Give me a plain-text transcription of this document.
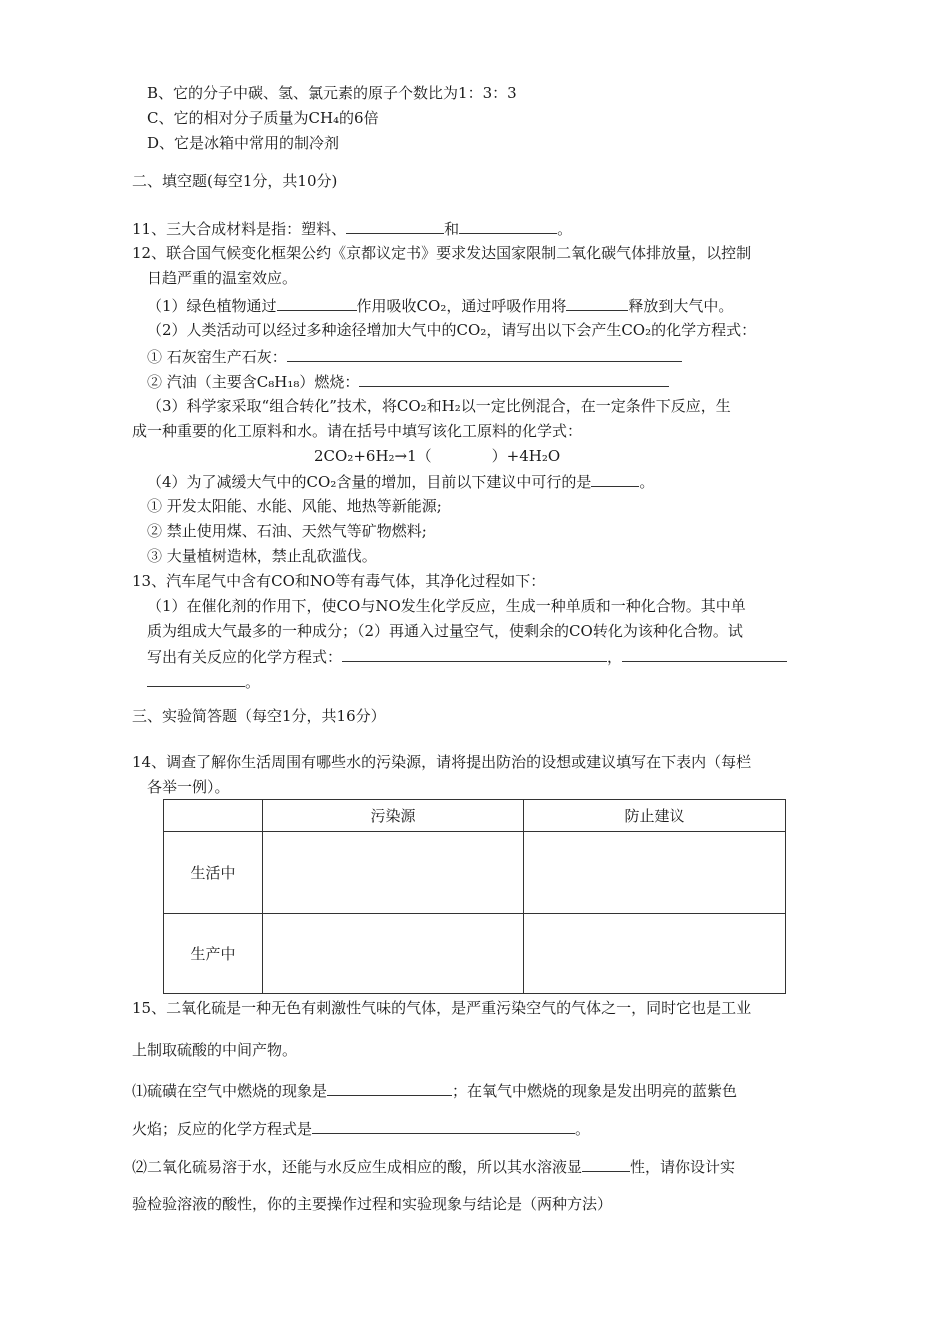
B、它的分子中碳、氢、氯元素的原子个数比为1：3：3
C、它的相对分子质量为CH₄的6倍
D、它是冰箱中常用的制冷剂
二、填空题(每空1分，共10分)
11、三大合成材料是指：塑料、	和	。
12、联合国气候变化框架公约《京都议定书》要求发达国家限制二氧化碳气体排放量，以控制
日趋严重的温室效应。
（1）绿色植物通过	作用吸收CO₂，通过呼吸作用将	释放到大气中。
（2）人类活动可以经过多种途径增加大气中的CO₂，请写出以下会产生CO₂的化学方程式：
① 石灰窑生产石灰：
② 汽油（主要含C₈H₁₈）燃烧：
（3）科学家采取“组合转化”技术，将CO₂和H₂以一定比例混合，在一定条件下反应，生
成一种重要的化工原料和水。请在括号中填写该化工原料的化学式：
2CO₂+6H₂→1（　　　　）+4H₂O
（4）为了减缓大气中的CO₂含量的增加，目前以下建议中可行的是	。
① 开发太阳能、水能、风能、地热等新能源;
② 禁止使用煤、石油、天然气等矿物燃料;
③ 大量植树造林，禁止乱砍滥伐。
13、汽车尾气中含有CO和NO等有毒气体，其净化过程如下：
（1）在催化剂的作用下，使CO与NO发生化学反应，生成一种单质和一种化合物。其中单
质为组成大气最多的一种成分；（2）再通入过量空气，使剩余的CO转化为该种化合物。试
写出有关反应的化学方程式：	，
。
三、实验简答题（每空1分，共16分）
14、调查了解你生活周围有哪些水的污染源，请将提出防治的设想或建议填写在下表内（每栏
各举一例）。
	污染源	防止建议
生活中		
生产中		
15、二氧化硫是一种无色有刺激性气味的气体，是严重污染空气的气体之一，同时它也是工业
上制取硫酸的中间产物。
⑴硫磺在空气中燃烧的现象是	；在氧气中燃烧的现象是发出明亮的蓝紫色
火焰；反应的化学方程式是	。
⑵二氧化硫易溶于水，还能与水反应生成相应的酸，所以其水溶液显	性，请你设计实
验检验溶液的酸性，你的主要操作过程和实验现象与结论是（两种方法）
